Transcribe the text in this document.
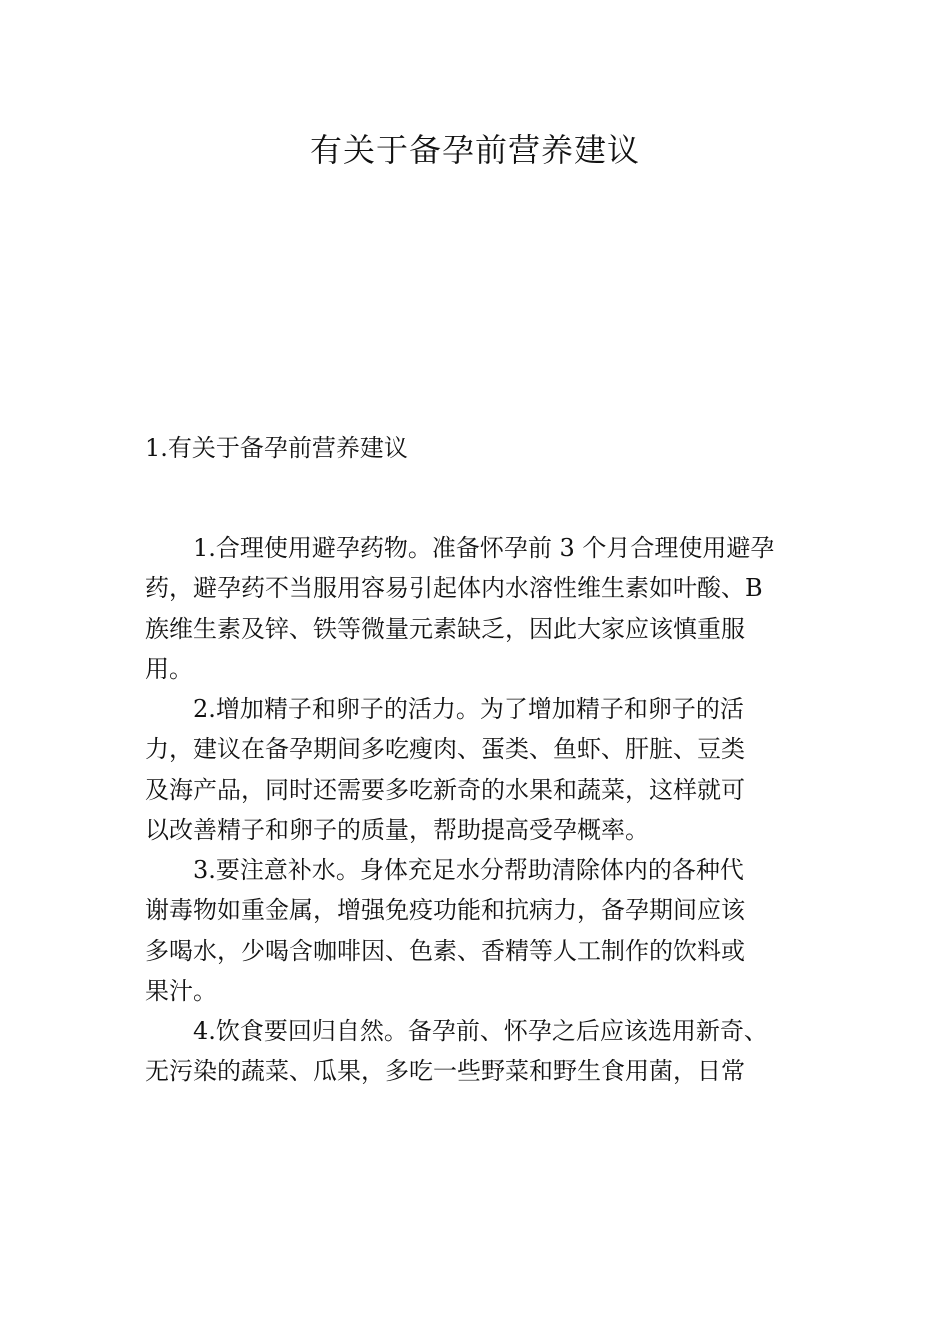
有关于备孕前营养建议
1.有关于备孕前营养建议

1.合理使用避孕药物。准备怀孕前 3 个月合理使用避孕
药，避孕药不当服用容易引起体内水溶性维生素如叶酸、B
族维生素及锌、铁等微量元素缺乏，因此大家应该慎重服
用。

2.增加精子和卵子的活力。为了增加精子和卵子的活
力，建议在备孕期间多吃瘦肉、蛋类、鱼虾、肝脏、豆类
及海产品，同时还需要多吃新奇的水果和蔬菜，这样就可
以改善精子和卵子的质量，帮助提高受孕概率。

3.要注意补水。身体充足水分帮助清除体内的各种代
谢毒物如重金属，增强免疫功能和抗病力，备孕期间应该
多喝水，少喝含咖啡因、色素、香精等人工制作的饮料或
果汁。

4.饮食要回归自然。备孕前、怀孕之后应该选用新奇、
无污染的蔬菜、瓜果，多吃一些野菜和野生食用菌，日常
